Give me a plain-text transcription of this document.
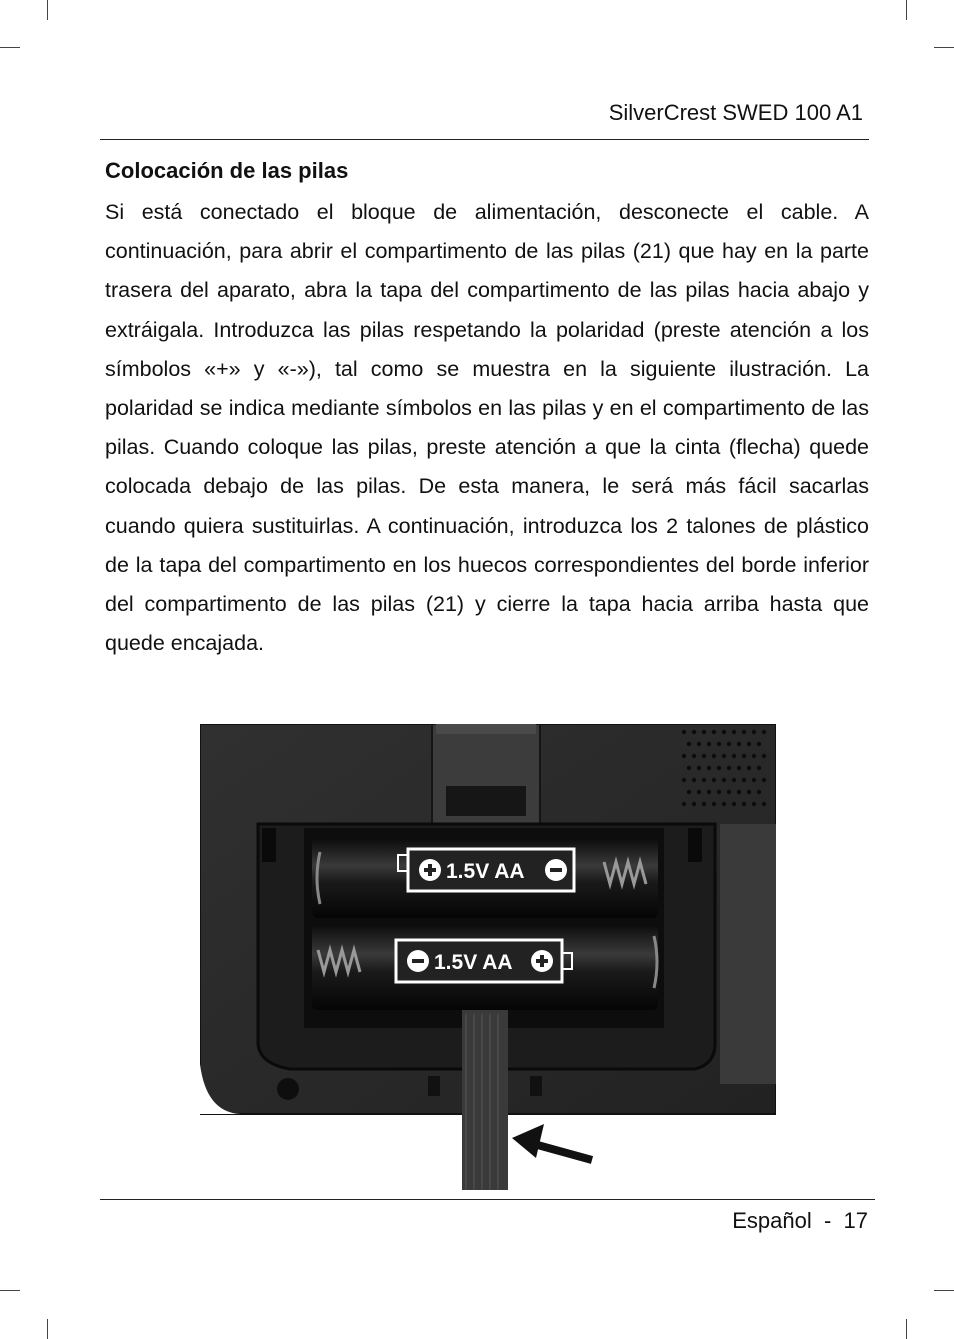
SilverCrest SWED 100 A1
Colocación de las pilas

Si está conectado el bloque de alimentación, desconecte el cable. A continuación, para abrir el compartimento de las pilas (21) que hay en la parte trasera del aparato, abra la tapa del compartimento de las pilas hacia abajo y extráigala. Introduzca las pilas respetando la polaridad (preste atención a los símbolos «+» y «-»), tal como se muestra en la siguiente ilustración. La polaridad se indica mediante símbolos en las pilas y en el compartimento de las pilas. Cuando coloque las pilas, preste atención a que la cinta (flecha) quede colocada debajo de las pilas. De esta manera, le será más fácil sacarlas cuando quiera sustituirlas. A continuación, introduzca los 2 talones de plástico de la tapa del compartimento en los huecos correspondientes del borde inferior del compartimento de las pilas (21) y cierre la tapa hacia arriba hasta que quede encajada.

1.5V AA
1.5V AA
Español  -  17
